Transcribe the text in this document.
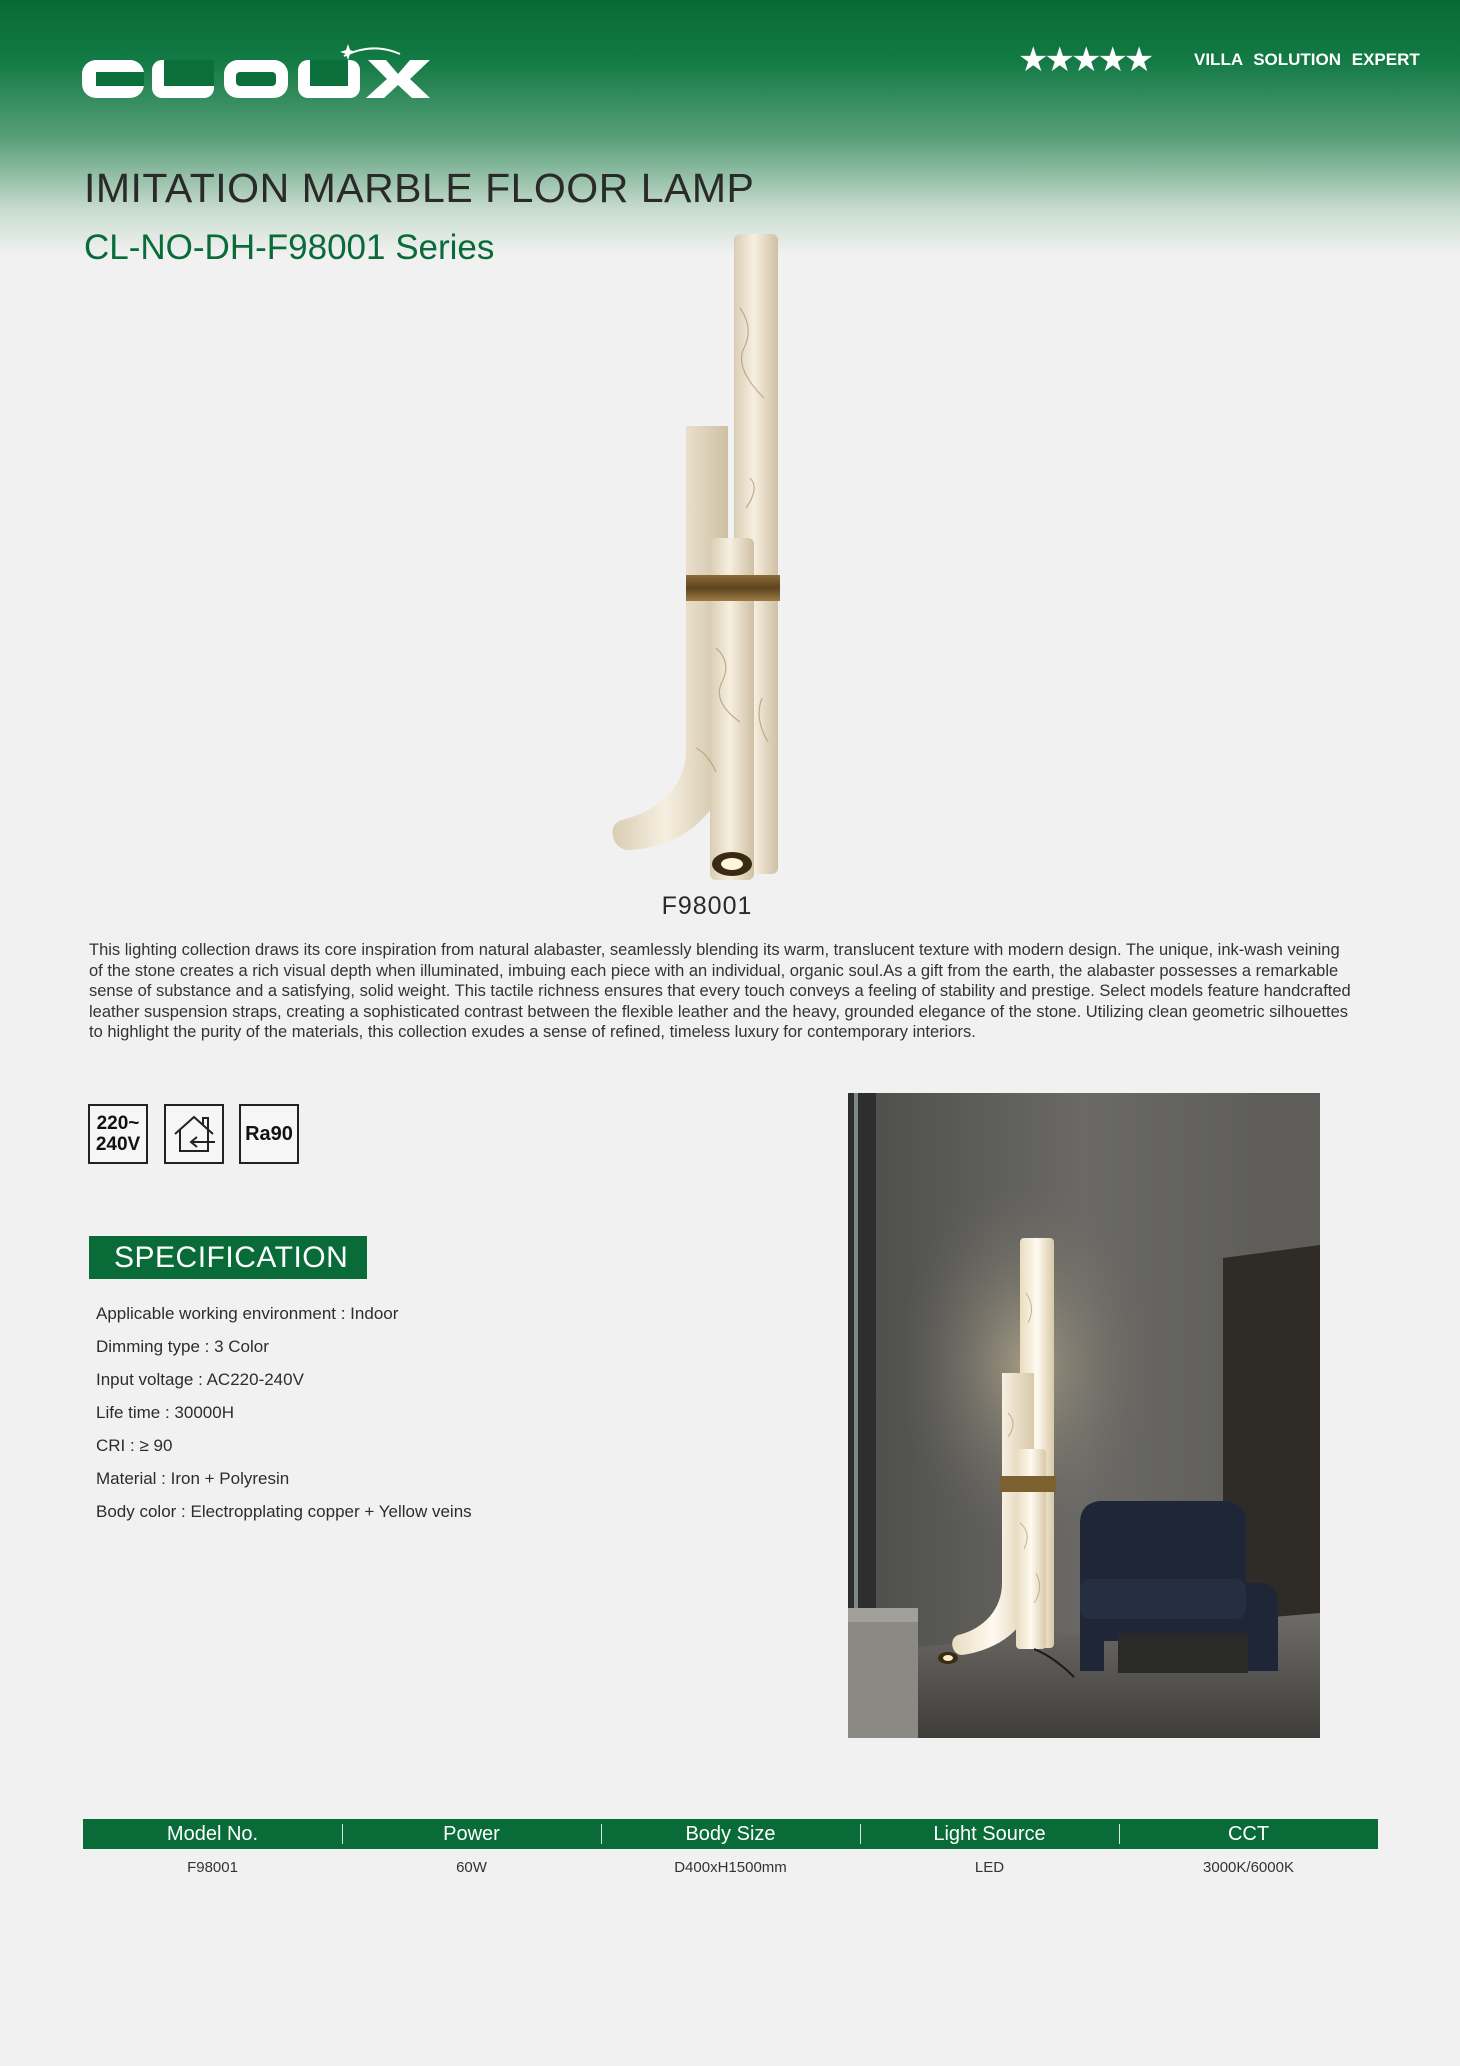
★★★★★	VILLA SOLUTION EXPERT
IMITATION MARBLE FLOOR LAMP
CL-NO-DH-F98001 Series
F98001

This lighting collection draws its core inspiration from natural alabaster, seamlessly blending its warm, translucent texture with modern design. The unique, ink-wash veining of the stone creates a rich visual depth when illuminated, imbuing each piece with an individual, organic soul.As a gift from the earth, the alabaster possesses a remarkable sense of substance and a satisfying, solid weight. This tactile richness ensures that every touch conveys a feeling of stability and prestige. Select models feature handcrafted leather suspension straps, creating a sophisticated contrast between the flexible leather and the heavy, grounded elegance of the stone. Utilizing clean geometric silhouettes to highlight the purity of the materials, this collection exudes a sense of refined, timeless luxury for contemporary interiors.

220~
240V	Ra90
SPECIFICATION
Applicable working environment : Indoor
Dimming type : 3 Color
Input voltage : AC220-240V
Life time : 30000H
CRI : ≥ 90
Material : Iron + Polyresin
Body color : Electropplating copper + Yellow veins
Model No.	Power	Body Size	Light Source	CCT
F98001	60W	D400xH1500mm	LED	3000K/6000K
